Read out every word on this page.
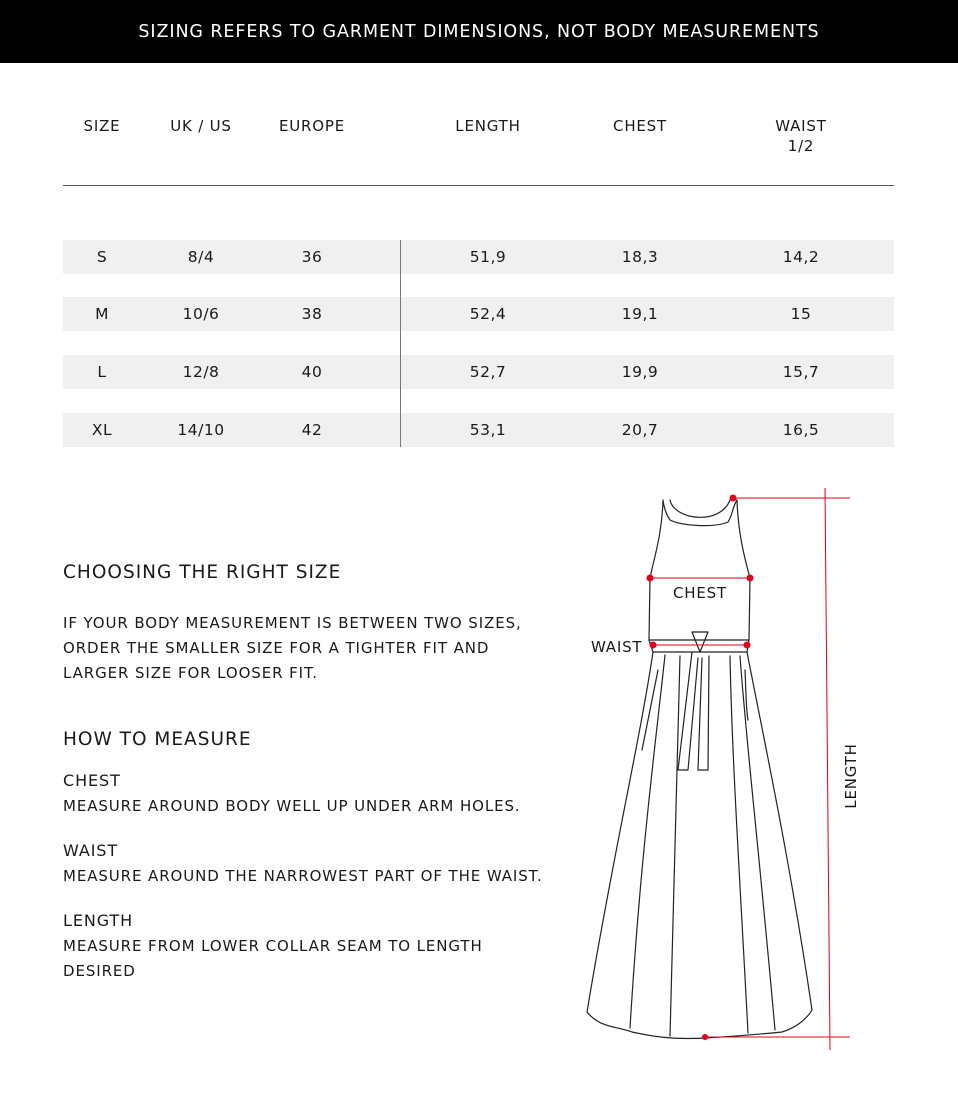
SIZING REFERS TO GARMENT DIMENSIONS, NOT BODY MEASUREMENTS
SIZE	UK / US	EUROPE	LENGTH	CHEST	WAIST
1/2
S	8/4	36	51,9	18,3	14,2
M	10/6	38	52,4	19,1	15
L	12/8	40	52,7	19,9	15,7
XL	14/10	42	53,1	20,7	16,5
CHOOSING THE RIGHT SIZE
IF YOUR BODY MEASUREMENT IS BETWEEN TWO SIZES,
ORDER THE SMALLER SIZE FOR A TIGHTER FIT AND
LARGER SIZE FOR LOOSER FIT.
HOW TO MEASURE
CHEST
MEASURE AROUND BODY WELL UP UNDER ARM HOLES.
WAIST
MEASURE AROUND THE NARROWEST PART OF THE WAIST.
LENGTH
MEASURE FROM LOWER COLLAR SEAM TO LENGTH
DESIRED
CHEST
WAIST
LENGTH
